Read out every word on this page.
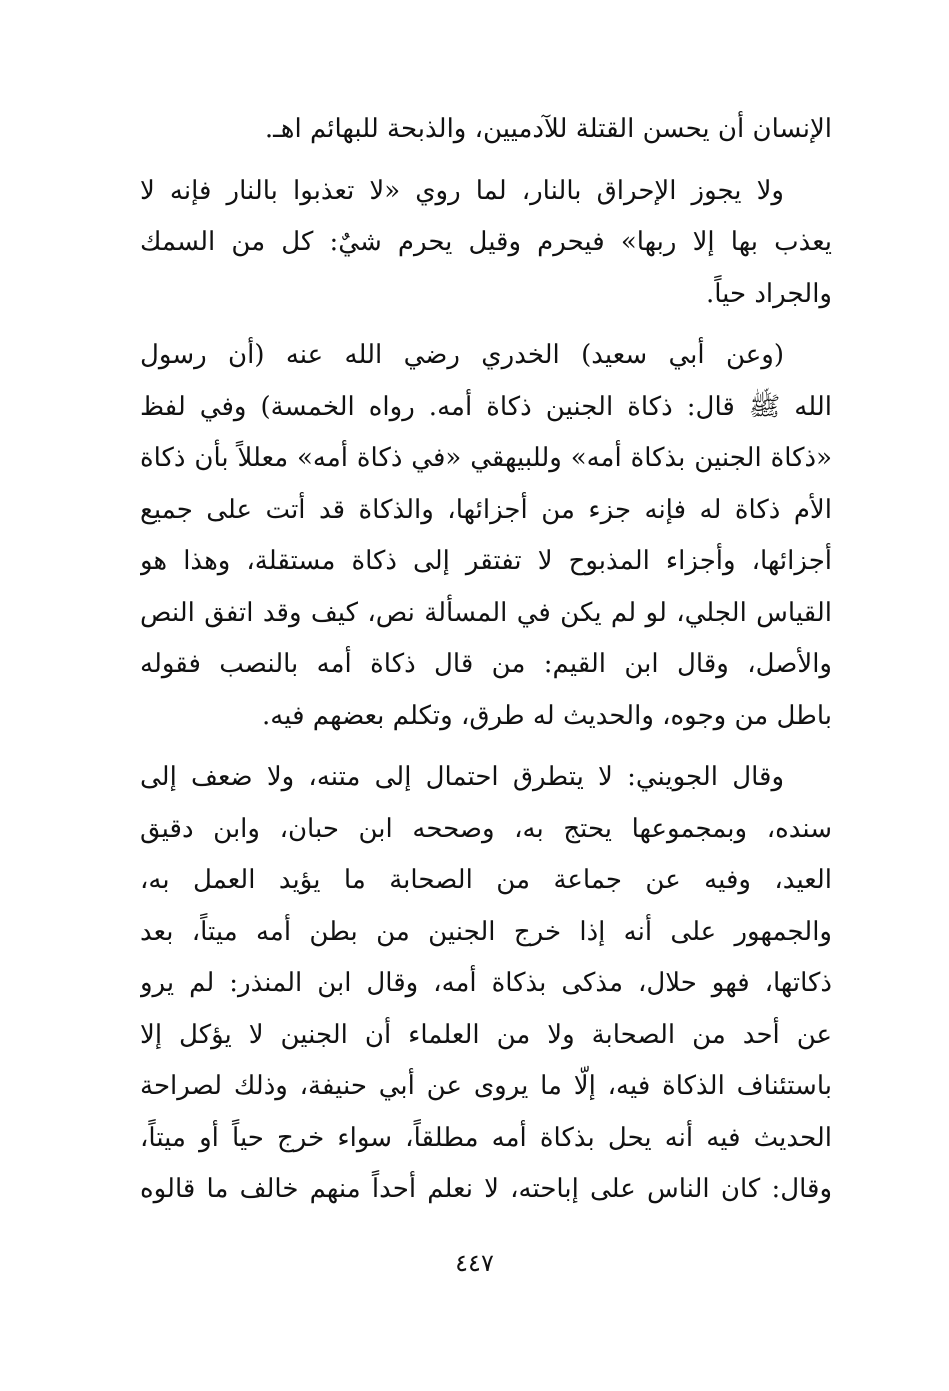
الإنسان أن يحسن القتلة للآدميين، والذبحة للبهائم اهـ.

ولا يجوز الإحراق بالنار، لما روي «لا تعذبوا بالنار فإنه لا
يعذب بها إلا ربها» فيحرم وقيل يحرم شيٌ: كل من السمك
والجراد حياً.

(وعن أبي سعيد) الخدري رضي الله عنه (أن رسول
الله ﷺ قال: ذكاة الجنين ذكاة أمه. رواه الخمسة) وفي لفظ
«ذكاة الجنين بذكاة أمه» وللبيهقي «في ذكاة أمه» معللاً بأن ذكاة
الأم ذكاة له فإنه جزء من أجزائها، والذكاة قد أتت على جميع
أجزائها، وأجزاء المذبوح لا تفتقر إلى ذكاة مستقلة، وهذا هو
القياس الجلي، لو لم يكن في المسألة نص، كيف وقد اتفق النص
والأصل، وقال ابن القيم: من قال ذكاة أمه بالنصب فقوله
باطل من وجوه، والحديث له طرق، وتكلم بعضهم فيه.

وقال الجويني: لا يتطرق احتمال إلى متنه، ولا ضعف إلى
سنده، وبمجموعها يحتج به، وصححه ابن حبان، وابن دقيق
العيد، وفيه عن جماعة من الصحابة ما يؤيد العمل به،
والجمهور على أنه إذا خرج الجنين من بطن أمه ميتاً، بعد
ذكاتها، فهو حلال، مذكى بذكاة أمه، وقال ابن المنذر: لم يرو
عن أحد من الصحابة ولا من العلماء أن الجنين لا يؤكل إلا
باستئناف الذكاة فيه، إلّا ما يروى عن أبي حنيفة، وذلك لصراحة
الحديث فيه أنه يحل بذكاة أمه مطلقاً، سواء خرج حياً أو ميتاً،
وقال: كان الناس على إباحته، لا نعلم أحداً منهم خالف ما قالوه

٤٤٧
